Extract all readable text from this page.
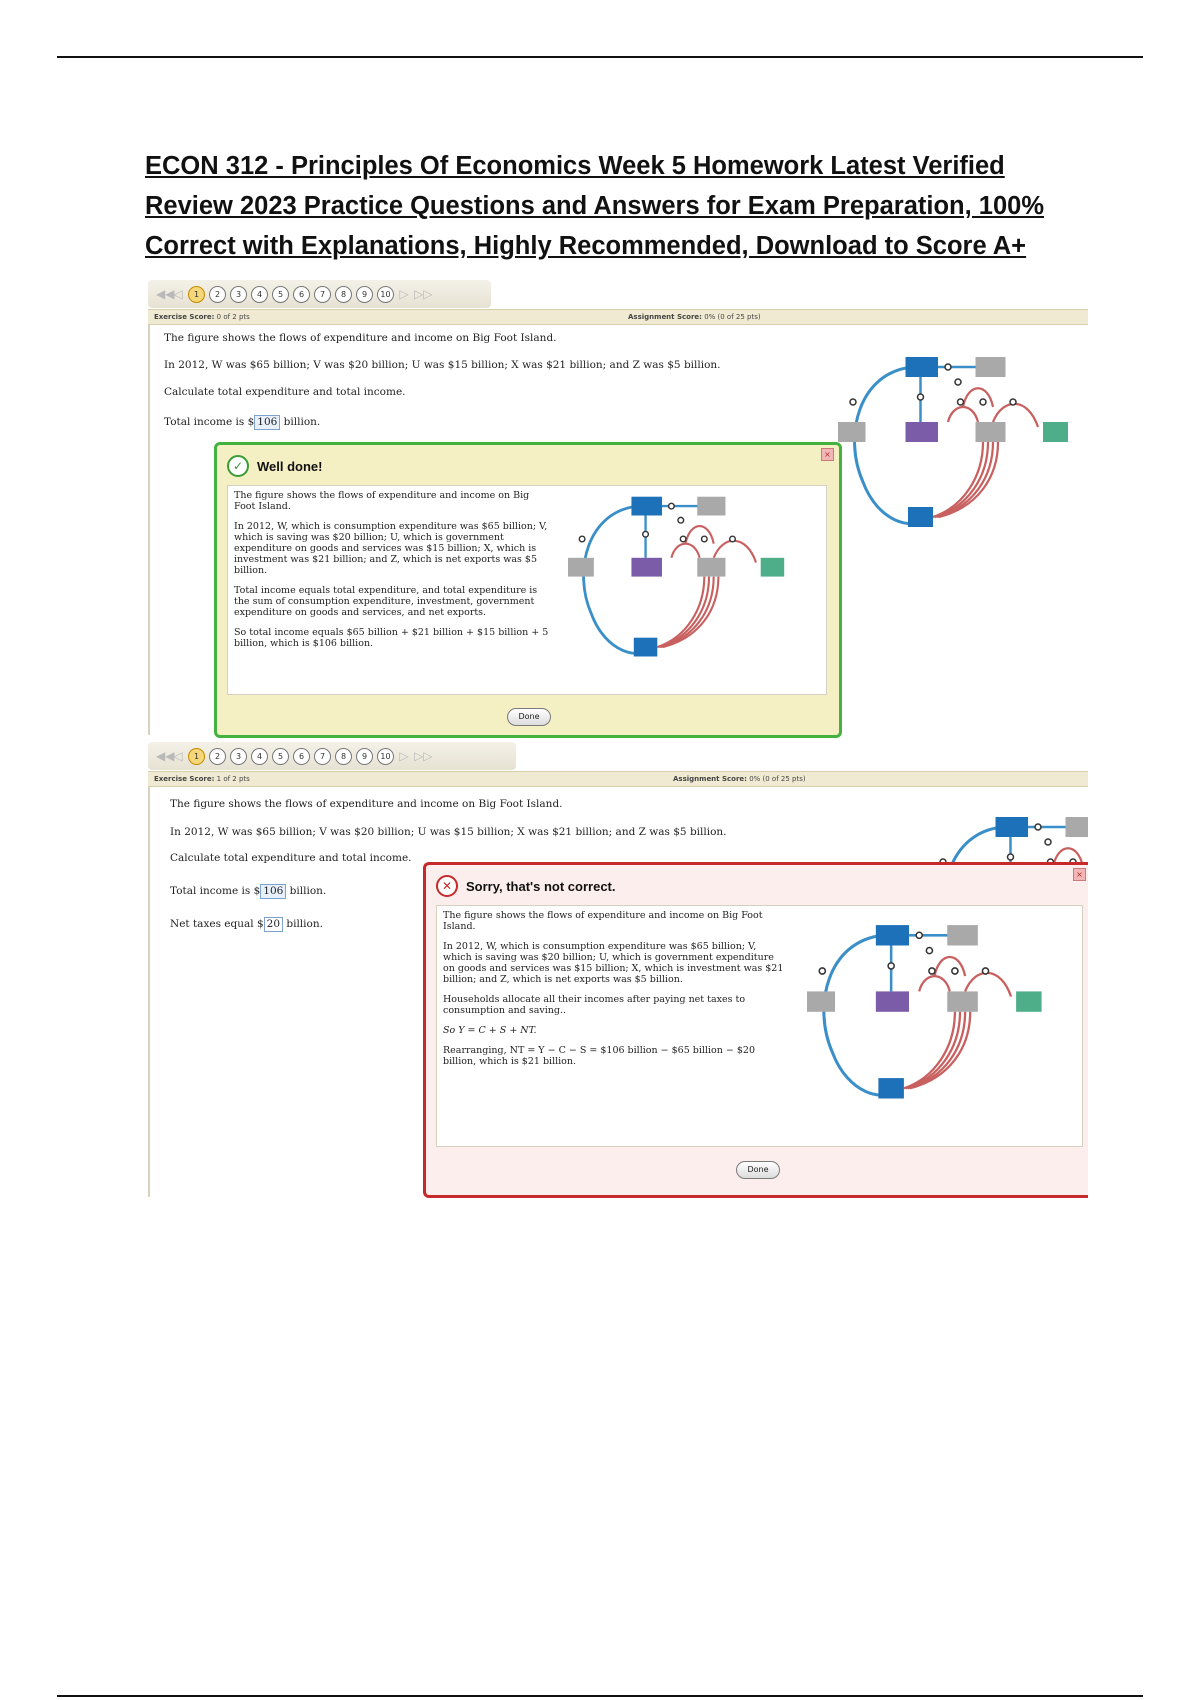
ECON 312 - Principles Of Economics Week 5 Homework Latest Verified Review 2023 Practice Questions and Answers for Exam Preparation, 100% Correct with Explanations, Highly Recommended, Download to Score A+
◀◀
◁	1	2	3	4	5	6	7	8	9	10 ▷ ▷▷
Exercise Score: 0 of 2 pts	Assignment Score: 0% (0 of 25 pts)

The figure shows the flows of expenditure and income on Big Foot Island.

In 2012, W was $65 billion; V was $20 billion; U was $15 billion; X was $21 billion; and Z was $5 billion.

Calculate total expenditure and total income.

Total income is $ 106 billion.

✓	Well done!
×

The figure shows the flows of expenditure and income on Big Foot Island.

In 2012, W, which is consumption expenditure was $65 billion; V, which is saving was $20 billion; U, which is government expenditure on goods and services was $15 billion; X, which is investment was $21 billion; and Z, which is net exports was $5 billion.

Total income equals total expenditure, and total expenditure is the sum of consumption expenditure, investment, government expenditure on goods and services, and net exports.

So total income equals $65 billion + $21 billion + $15 billion + 5 billion, which is $106 billion.

Done
◀◀
◁	1	2	3	4	5	6	7	8	9	10 ▷ ▷▷
Exercise Score: 1 of 2 pts	Assignment Score: 0% (0 of 25 pts)

The figure shows the flows of expenditure and income on Big Foot Island.

In 2012, W was $65 billion; V was $20 billion; U was $15 billion; X was $21 billion; and Z was $5 billion.

Calculate total expenditure and total income.

Total income is $ 106 billion.

Net taxes equal $ 20 billion.

✕	Sorry, that's not correct.
×

The figure shows the flows of expenditure and income on Big Foot Island.

In 2012, W, which is consumption expenditure was $65 billion; V, which is saving was $20 billion; U, which is government expenditure on goods and services was $15 billion; X, which is investment was $21 billion; and Z, which is net exports was $5 billion.

Households allocate all their incomes after paying net taxes to consumption and saving..

So Y = C + S + NT.

Rearranging, NT = Y − C − S = $106 billion − $65 billion − $20 billion, which is $21 billion.

Done
